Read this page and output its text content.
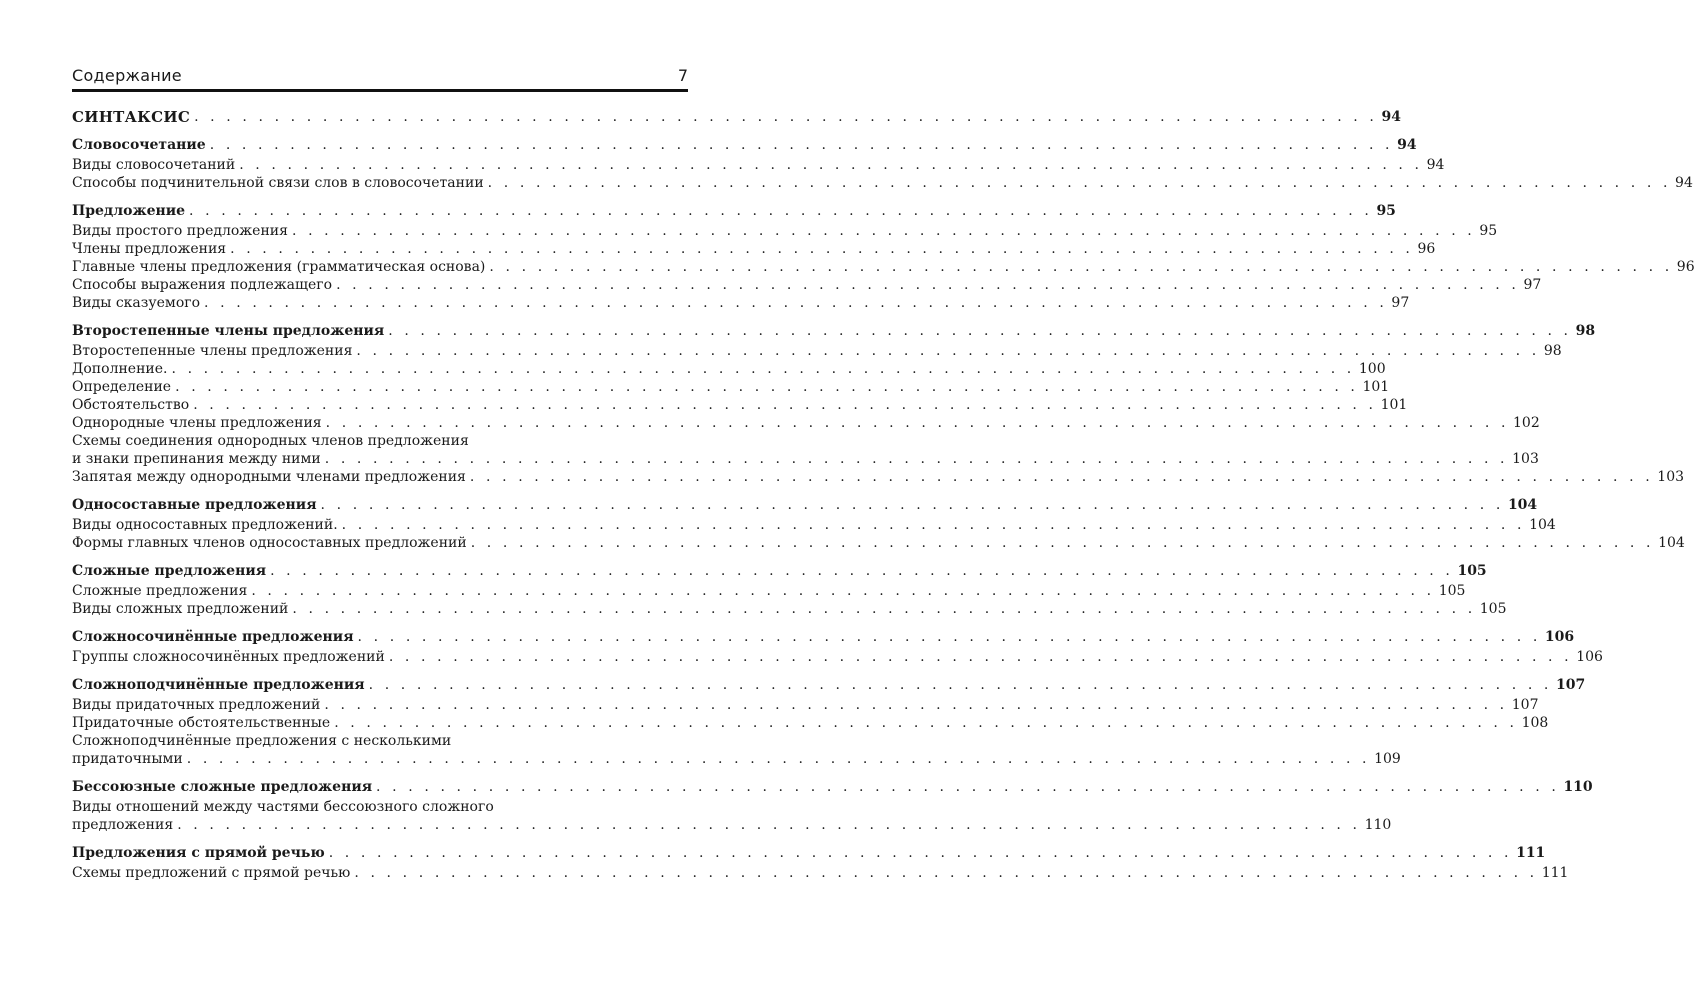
Содержание	7
СИНТАКСИС . . . . . . . . . . . . . . . . . . . . . . . . . . . . . . . . . . . . . . . . . . . . . . . . . . . . . . . . . . . . . . . . . . . . . . . . . . 94
Словосочетание . . . . . . . . . . . . . . . . . . . . . . . . . . . . . . . . . . . . . . . . . . . . . . . . . . . . . . . . . . . . . . . . . . . . . . . . . . 94
Виды словосочетаний . . . . . . . . . . . . . . . . . . . . . . . . . . . . . . . . . . . . . . . . . . . . . . . . . . . . . . . . . . . . . . . . . . . . . . . . . . 94
Способы подчинительной связи слов в словосочетании . . . . . . . . . . . . . . . . . . . . . . . . . . . . . . . . . . . . . . . . . . . . . . . . . . . . . . . . . . . . . . . . . . . . . . . . . . 94
Предложение . . . . . . . . . . . . . . . . . . . . . . . . . . . . . . . . . . . . . . . . . . . . . . . . . . . . . . . . . . . . . . . . . . . . . . . . . . 95
Виды простого предложения . . . . . . . . . . . . . . . . . . . . . . . . . . . . . . . . . . . . . . . . . . . . . . . . . . . . . . . . . . . . . . . . . . . . . . . . . . 95
Члены предложения . . . . . . . . . . . . . . . . . . . . . . . . . . . . . . . . . . . . . . . . . . . . . . . . . . . . . . . . . . . . . . . . . . . . . . . . . . 96
Главные члены предложения (грамматическая основа) . . . . . . . . . . . . . . . . . . . . . . . . . . . . . . . . . . . . . . . . . . . . . . . . . . . . . . . . . . . . . . . . . . . . . . . . . . 96
Способы выражения подлежащего . . . . . . . . . . . . . . . . . . . . . . . . . . . . . . . . . . . . . . . . . . . . . . . . . . . . . . . . . . . . . . . . . . . . . . . . . . 97
Виды сказуемого . . . . . . . . . . . . . . . . . . . . . . . . . . . . . . . . . . . . . . . . . . . . . . . . . . . . . . . . . . . . . . . . . . . . . . . . . . 97
Второстепенные члены предложения . . . . . . . . . . . . . . . . . . . . . . . . . . . . . . . . . . . . . . . . . . . . . . . . . . . . . . . . . . . . . . . . . . . . . . . . . . 98
Второстепенные члены предложения . . . . . . . . . . . . . . . . . . . . . . . . . . . . . . . . . . . . . . . . . . . . . . . . . . . . . . . . . . . . . . . . . . . . . . . . . . 98
Дополнение. . . . . . . . . . . . . . . . . . . . . . . . . . . . . . . . . . . . . . . . . . . . . . . . . . . . . . . . . . . . . . . . . . . . . . . . . . . 100
Определение . . . . . . . . . . . . . . . . . . . . . . . . . . . . . . . . . . . . . . . . . . . . . . . . . . . . . . . . . . . . . . . . . . . . . . . . . . 101
Обстоятельство . . . . . . . . . . . . . . . . . . . . . . . . . . . . . . . . . . . . . . . . . . . . . . . . . . . . . . . . . . . . . . . . . . . . . . . . . . 101
Однородные члены предложения . . . . . . . . . . . . . . . . . . . . . . . . . . . . . . . . . . . . . . . . . . . . . . . . . . . . . . . . . . . . . . . . . . . . . . . . . . 102
Схемы соединения однородных членов предложения
и знаки препинания между ними . . . . . . . . . . . . . . . . . . . . . . . . . . . . . . . . . . . . . . . . . . . . . . . . . . . . . . . . . . . . . . . . . . . . . . . . . . 103
Запятая между однородными членами предложения . . . . . . . . . . . . . . . . . . . . . . . . . . . . . . . . . . . . . . . . . . . . . . . . . . . . . . . . . . . . . . . . . . . . . . . . . . 103
Односоставные предложения . . . . . . . . . . . . . . . . . . . . . . . . . . . . . . . . . . . . . . . . . . . . . . . . . . . . . . . . . . . . . . . . . . . . . . . . . . 104
Виды односоставных предложений. . . . . . . . . . . . . . . . . . . . . . . . . . . . . . . . . . . . . . . . . . . . . . . . . . . . . . . . . . . . . . . . . . . . . . . . . . . 104
Формы главных членов односоставных предложений . . . . . . . . . . . . . . . . . . . . . . . . . . . . . . . . . . . . . . . . . . . . . . . . . . . . . . . . . . . . . . . . . . . . . . . . . . 104
Сложные предложения . . . . . . . . . . . . . . . . . . . . . . . . . . . . . . . . . . . . . . . . . . . . . . . . . . . . . . . . . . . . . . . . . . . . . . . . . . 105
Сложные предложения . . . . . . . . . . . . . . . . . . . . . . . . . . . . . . . . . . . . . . . . . . . . . . . . . . . . . . . . . . . . . . . . . . . . . . . . . . 105
Виды сложных предложений . . . . . . . . . . . . . . . . . . . . . . . . . . . . . . . . . . . . . . . . . . . . . . . . . . . . . . . . . . . . . . . . . . . . . . . . . . 105
Сложносочинённые предложения . . . . . . . . . . . . . . . . . . . . . . . . . . . . . . . . . . . . . . . . . . . . . . . . . . . . . . . . . . . . . . . . . . . . . . . . . . 106
Группы сложносочинённых предложений . . . . . . . . . . . . . . . . . . . . . . . . . . . . . . . . . . . . . . . . . . . . . . . . . . . . . . . . . . . . . . . . . . . . . . . . . . 106
Сложноподчинённые предложения . . . . . . . . . . . . . . . . . . . . . . . . . . . . . . . . . . . . . . . . . . . . . . . . . . . . . . . . . . . . . . . . . . . . . . . . . . 107
Виды придаточных предложений . . . . . . . . . . . . . . . . . . . . . . . . . . . . . . . . . . . . . . . . . . . . . . . . . . . . . . . . . . . . . . . . . . . . . . . . . . 107
Придаточные обстоятельственные . . . . . . . . . . . . . . . . . . . . . . . . . . . . . . . . . . . . . . . . . . . . . . . . . . . . . . . . . . . . . . . . . . . . . . . . . . 108
Сложноподчинённые предложения с несколькими
придаточными . . . . . . . . . . . . . . . . . . . . . . . . . . . . . . . . . . . . . . . . . . . . . . . . . . . . . . . . . . . . . . . . . . . . . . . . . . 109
Бессоюзные сложные предложения . . . . . . . . . . . . . . . . . . . . . . . . . . . . . . . . . . . . . . . . . . . . . . . . . . . . . . . . . . . . . . . . . . . . . . . . . . 110
Виды отношений между частями бессоюзного сложного
предложения . . . . . . . . . . . . . . . . . . . . . . . . . . . . . . . . . . . . . . . . . . . . . . . . . . . . . . . . . . . . . . . . . . . . . . . . . . 110
Предложения с прямой речью . . . . . . . . . . . . . . . . . . . . . . . . . . . . . . . . . . . . . . . . . . . . . . . . . . . . . . . . . . . . . . . . . . . . . . . . . . 111
Схемы предложений с прямой речью . . . . . . . . . . . . . . . . . . . . . . . . . . . . . . . . . . . . . . . . . . . . . . . . . . . . . . . . . . . . . . . . . . . . . . . . . . 111
